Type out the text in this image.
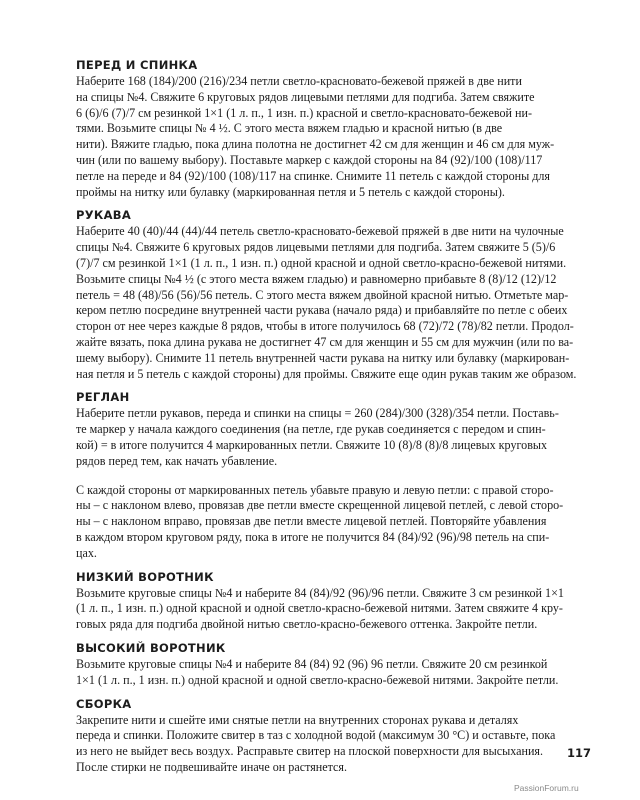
ПЕРЕД И СПИНКА

Наберите 168 (184)/200 (216)/234 петли светло-красновато-бежевой пряжей в две нити
на спицы №4. Свяжите 6 круговых рядов лицевыми петлями для подгиба. Затем свяжите
6 (6)/6 (7)/7 см резинкой 1×1 (1 л. п., 1 изн. п.) красной и светло-красновато-бежевой ни-
тями. Возьмите спицы № 4 ½. С этого места вяжем гладью и красной нитью (в две
нити). Вяжите гладью, пока длина полотна не достигнет 42 см для женщин и 46 см для муж-
чин (или по вашему выбору). Поставьте маркер с каждой стороны на 84 (92)/100 (108)/117
петле на переде и 84 (92)/100 (108)/117 на спинке. Снимите 11 петель с каждой стороны для
проймы на нитку или булавку (маркированная петля и 5 петель с каждой стороны).

РУКАВА

Наберите 40 (40)/44 (44)/44 петель светло-красновато-бежевой пряжей в две нити на чулочные
спицы №4. Свяжите 6 круговых рядов лицевыми петлями для подгиба. Затем свяжите 5 (5)/6
(7)/7 см резинкой 1×1 (1 л. п., 1 изн. п.) одной красной и одной светло-красно-бежевой нитями.
Возьмите спицы №4 ½ (с этого места вяжем гладью) и равномерно прибавьте 8 (8)/12 (12)/12
петель = 48 (48)/56 (56)/56 петель. С этого места вяжем двойной красной нитью. Отметьте мар-
кером петлю посредине внутренней части рукава (начало ряда) и прибавляйте по петле с обеих
сторон от нее через каждые 8 рядов, чтобы в итоге получилось 68 (72)/72 (78)/82 петли. Продол-
жайте вязать, пока длина рукава не достигнет 47 см для женщин и 55 см для мужчин (или по ва-
шему выбору). Снимите 11 петель внутренней части рукава на нитку или булавку (маркирован-
ная петля и 5 петель с каждой стороны) для проймы. Свяжите еще один рукав таким же образом.

РЕГЛАН

Наберите петли рукавов, переда и спинки на спицы = 260 (284)/300 (328)/354 петли. Поставь-
те маркер у начала каждого соединения (на петле, где рукав соединяется с передом и спин-
кой) = в итоге получится 4 маркированных петли. Свяжите 10 (8)/8 (8)/8 лицевых круговых
рядов перед тем, как начать убавление.

С каждой стороны от маркированных петель убавьте правую и левую петли: с правой сторо-
ны – с наклоном влево, провязав две петли вместе скрещенной лицевой петлей, с левой сторо-
ны – с наклоном вправо, провязав две петли вместе лицевой петлей. Повторяйте убавления
в каждом втором круговом ряду, пока в итоге не получится 84 (84)/92 (96)/98 петель на спи-
цах.

НИЗКИЙ ВОРОТНИК

Возьмите круговые спицы №4 и наберите 84 (84)/92 (96)/96 петли. Свяжите 3 см резинкой 1×1
(1 л. п., 1 изн. п.) одной красной и одной светло-красно-бежевой нитями. Затем свяжите 4 кру-
говых ряда для подгиба двойной нитью светло-красно-бежевого оттенка. Закройте петли.

ВЫСОКИЙ ВОРОТНИК

Возьмите круговые спицы №4 и наберите 84 (84) 92 (96) 96 петли. Свяжите 20 см резинкой
1×1 (1 л. п., 1 изн. п.) одной красной и одной светло-красно-бежевой нитями. Закройте петли.

СБОРКА

Закрепите нити и сшейте ими снятые петли на внутренних сторонах рукава и деталях
переда и спинки. Положите свитер в таз с холодной водой (максимум 30 °C) и оставьте, пока
из него не выйдет весь воздух. Расправьте свитер на плоской поверхности для высыхания.
После стирки не подвешивайте иначе он растянется.

117
PassionForum.ru
